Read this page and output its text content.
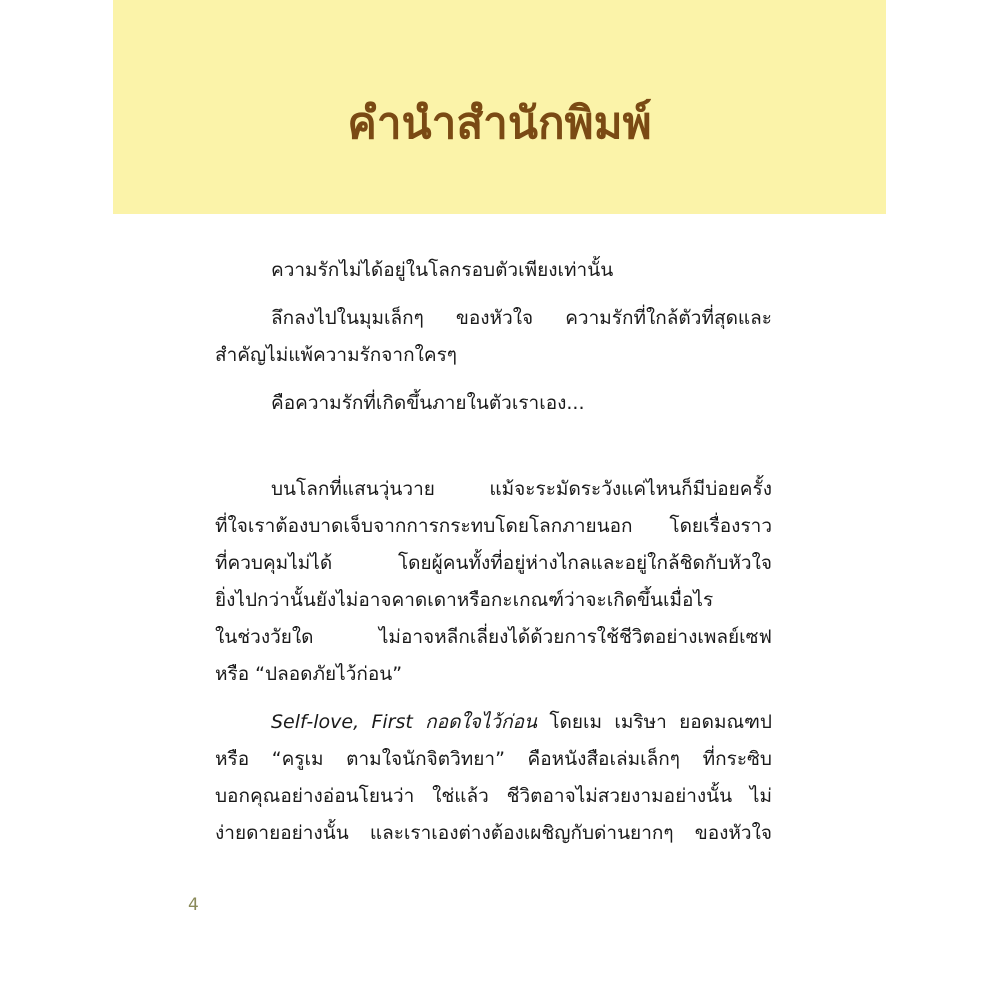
คำนำสำนักพิมพ์
ความรักไม่ได้อยู่ในโลกรอบตัวเพียงเท่านั้น
ลึกลงไปในมุมเล็กๆ ของหัวใจ ความรักที่ใกล้ตัวที่สุดและ
สำคัญไม่แพ้ความรักจากใครๆ
คือความรักที่เกิดขึ้นภายในตัวเราเอง...
บนโลกที่แสนวุ่นวาย แม้จะระมัดระวังแค่ไหนก็มีบ่อยครั้ง
ที่ใจเราต้องบาดเจ็บจากการกระทบโดยโลกภายนอก โดยเรื่องราว
ที่ควบคุมไม่ได้ โดยผู้คนทั้งที่อยู่ห่างไกลและอยู่ใกล้ชิดกับหัวใจ
ยิ่งไปกว่านั้นยังไม่อาจคาดเดาหรือกะเกณฑ์ว่าจะเกิดขึ้นเมื่อไร
ในช่วงวัยใด ไม่อาจหลีกเลี่ยงได้ด้วยการใช้ชีวิตอย่างเพลย์เซฟ
หรือ “ปลอดภัยไว้ก่อน”
Self-love, First กอดใจไว้ก่อน โดยเม เมริษา ยอดมณฑป
หรือ “ครูเม ตามใจนักจิตวิทยา” คือหนังสือเล่มเล็กๆ ที่กระซิบ
บอกคุณอย่างอ่อนโยนว่า ใช่แล้ว ชีวิตอาจไม่สวยงามอย่างนั้น ไม่
ง่ายดายอย่างนั้น และเราเองต่างต้องเผชิญกับด่านยากๆ ของหัวใจ
4
